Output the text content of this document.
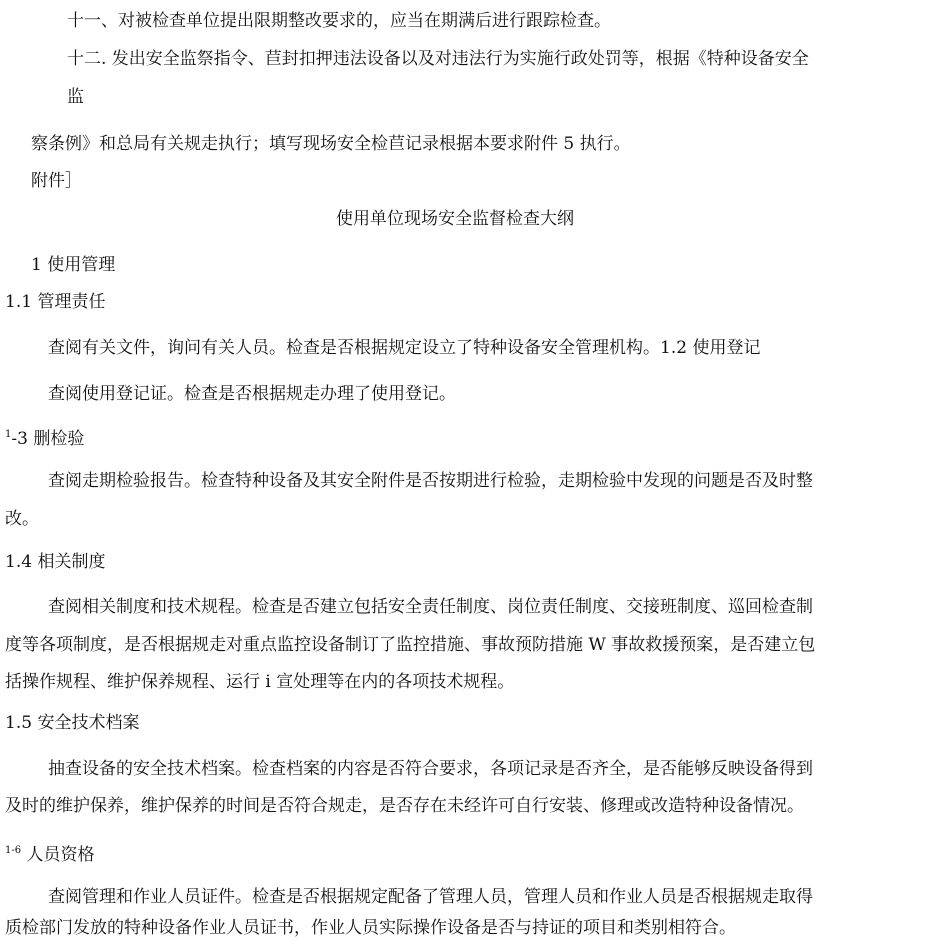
十一、对被检查单位提出限期整改要求的，应当在期满后进行跟踪检查。
十二. 发出安全监祭指令、苣封扣押违法设备以及对违法行为实施行政处罚等，根据《特种设备安全
监
察条例》和总局有关规走执行；填写现场安全检苣记录根据本要求附件 5 执行。
附件］
使用单位现场安全监督检查大纲
1 使用管理
1.1 管理责任
查阅有关文件，询问有关人员。检查是否根据规定设立了特种设备安全管理机构。1.2 使用登记
查阅使用登记证。检查是否根据规走办理了使用登记。
$^1$-3 删检验
查阅走期检验报告。检查特种设备及其安全附件是否按期进行检验，走期检验中发现的问题是否及时整
改。
1.4 相关制度
查阅相关制度和技术规程。检查是否建立包括安全责任制度、岗位责任制度、交接班制度、巡回检查制
度等各项制度，是否根据规走对重点监控设备制订了监控措施、事故预防措施 W 事故救援预案，是否建立包
括操作规程、维护保养规程、运行 i 宣处理等在内的各项技术规程。
1.5 安全技术档案
抽查设备的安全技术档案。检查档案的内容是否符合要求，各项记录是否齐全，是否能够反映设备得到
及时的维护保养，维护保养的时间是否符合规走，是否存在未经许可自行安装、修理或改造特种设备情况。
$^{1-6}$ 人员资格
查阅管理和作业人员证件。检查是否根据规定配备了管理人员，管理人员和作业人员是否根据规走取得
质检部门发放的特种设备作业人员证书，作业人员实际操作设备是否与持证的项目和类别相符合。
